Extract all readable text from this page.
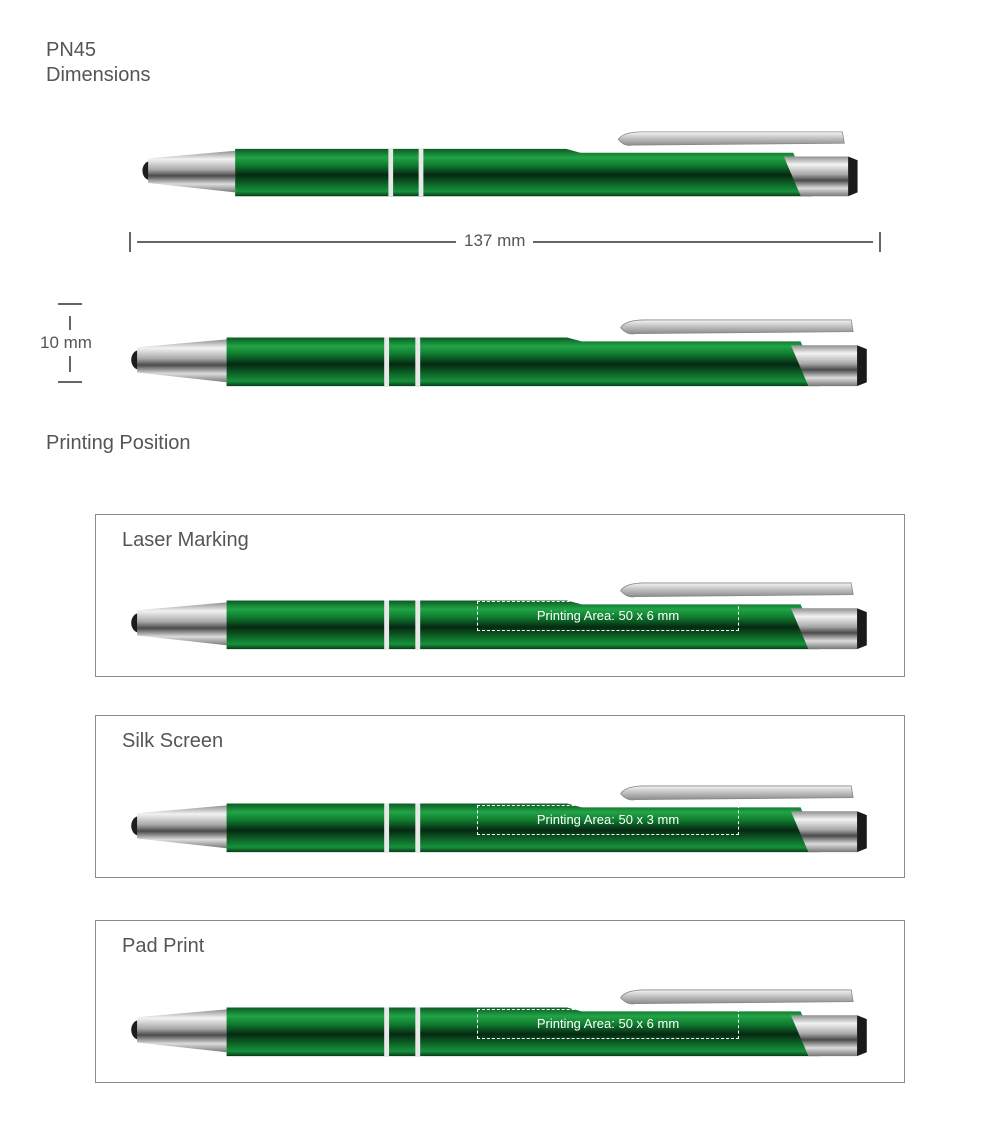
PN45
Dimensions
137 mm
10 mm
Printing Position
Laser Marking
Printing Area: 50 x 6 mm
Silk Screen
Printing Area: 50 x 3 mm
Pad Print
Printing Area: 50 x 6 mm
